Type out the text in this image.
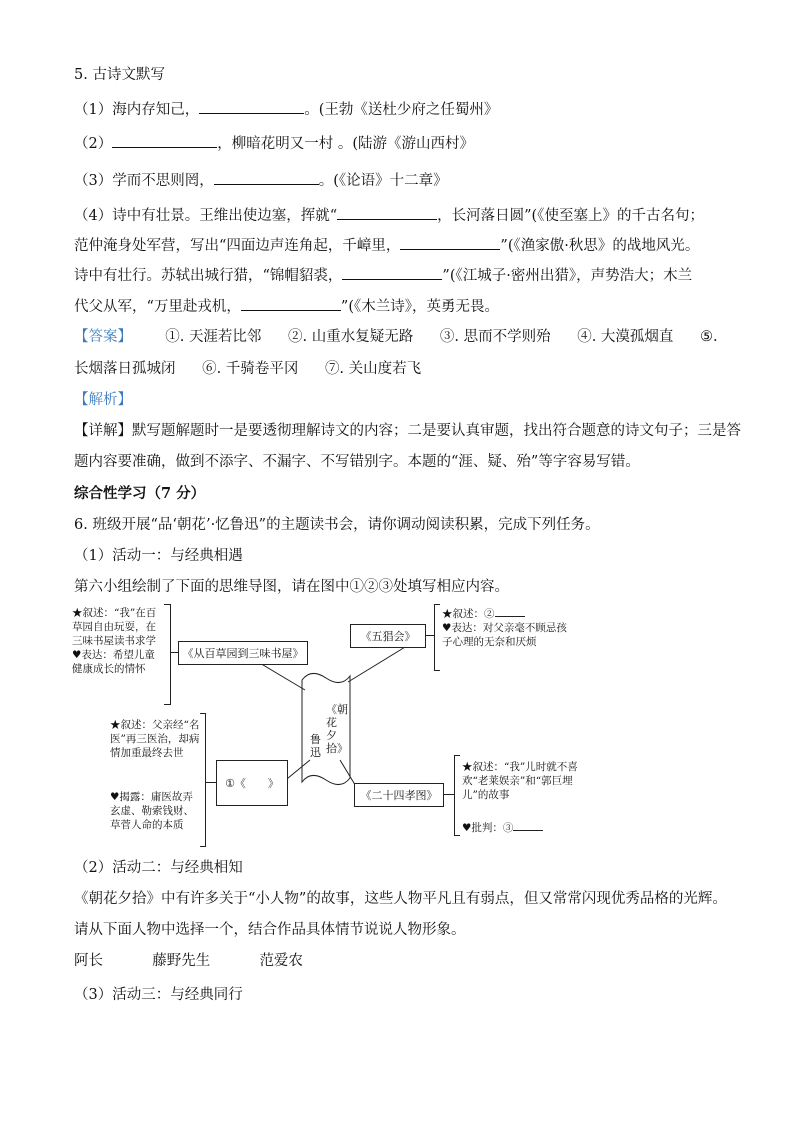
5. 古诗文默写
（1）海内存知己，	。(王勃《送杜少府之任蜀州》
（2）	，柳暗花明又一村 。(陆游《游山西村》
（3）学而不思则罔，	。(《论语》十二章》
（4）诗中有壮景。王维出使边塞，挥就“	，长河落日圆”(《使至塞上》的千古名句；
范仲淹身处军营，写出“四面边声连角起，千嶂里，	”(《渔家傲·秋思》的战地风光。
诗中有壮行。苏轼出城行猎，“锦帽貂裘，	”(《江城子·密州出猎》，声势浩大；木兰
代父从军，“万里赴戎机，	”(《木兰诗》，英勇无畏。
【答案】 ①. 天涯若比邻 ②. 山重水复疑无路 ③. 思而不学则殆 ④. 大漠孤烟直 ⑤.
长烟落日孤城闭 ⑥. 千骑卷平冈 ⑦. 关山度若飞
【解析】
【详解】默写题解题时一是要透彻理解诗文的内容；二是要认真审题，找出符合题意的诗文句子；三是答
题内容要准确，做到不添字、不漏字、不写错别字。本题的“涯、疑、殆”等字容易写错。
综合性学习（7 分）
6. 班级开展“品‘朝花’·忆鲁迅”的主题读书会，请你调动阅读积累，完成下列任务。
（1）活动一：与经典相遇
第六小组绘制了下面的思维导图，请在图中①②③处填写相应内容。
《朝花夕拾》
鲁迅
《从百草园到三味书屋》
★叙述：“我”在百草园自由玩耍，在三味书屋读书求学 ♥表达：希望儿童健康成长的情怀
《五猖会》
★叙述：②
♥表达：对父亲毫不顾忌孩子心理的无奈和厌烦
①《　　》
★叙述：父亲经“名医”再三医治，却病情加重最终去世
♥揭露：庸医故弄玄虚、勒索钱财、草菅人命的本质
《二十四孝图》
★叙述：“我”儿时就不喜欢“老莱娱亲”和“郭巨埋儿”的故事
♥批判：③
（2）活动二：与经典相知
《朝花夕拾》中有许多关于“小人物”的故事，这些人物平凡且有弱点，但又常常闪现优秀品格的光辉。
请从下面人物中选择一个，结合作品具体情节说说人物形象。
阿长	藤野先生	范爱农
（3）活动三：与经典同行
